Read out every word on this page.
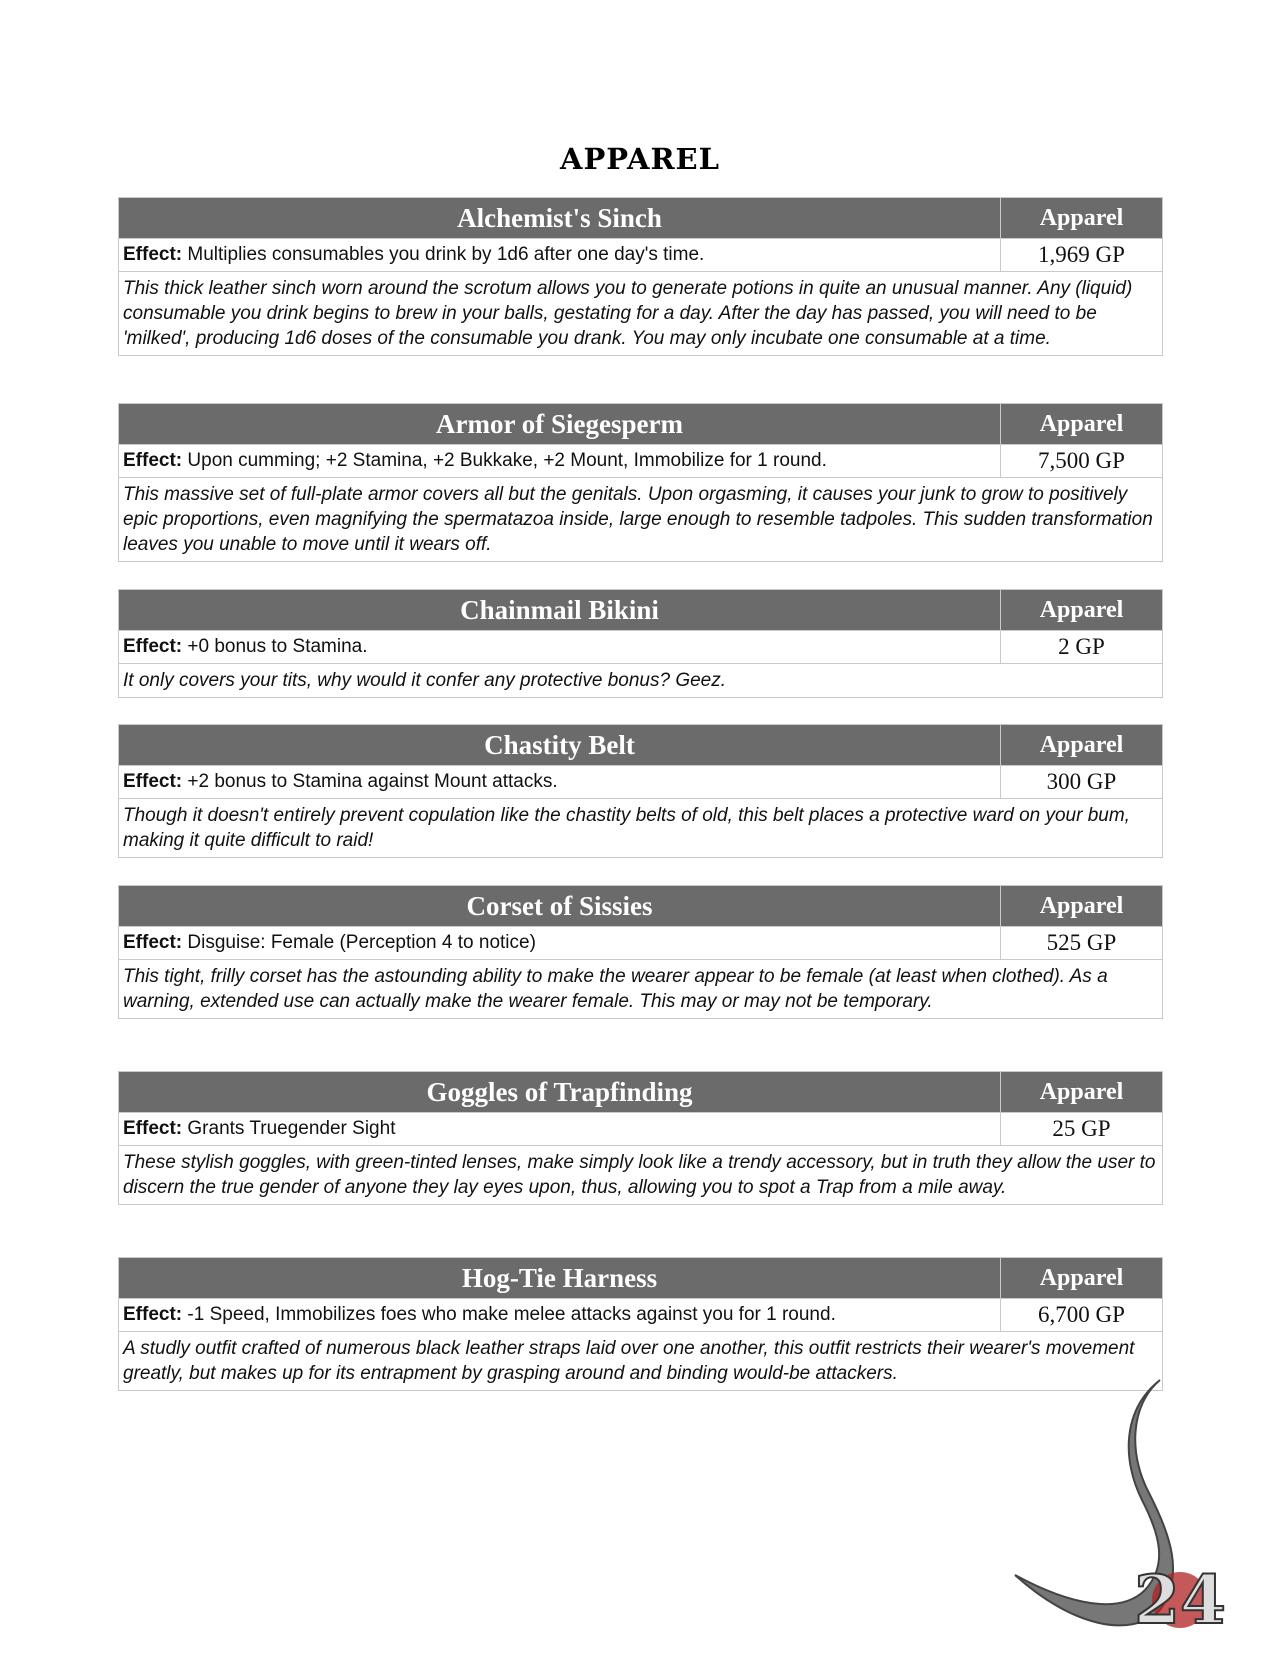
APPAREL
Alchemist's Sinch	Apparel
Effect: Multiplies consumables you drink by 1d6 after one day's time.	1,969 GP
This thick leather sinch worn around the scrotum allows you to generate potions in quite an unusual manner. Any (liquid) consumable you drink begins to brew in your balls, gestating for a day. After the day has passed, you will need to be 'milked', producing 1d6 doses of the consumable you drank. You may only incubate one consumable at a time.
Armor of Siegesperm	Apparel
Effect: Upon cumming; +2 Stamina, +2 Bukkake, +2 Mount, Immobilize for 1 round.	7,500 GP
This massive set of full-plate armor covers all but the genitals. Upon orgasming, it causes your junk to grow to positively epic proportions, even magnifying the spermatazoa inside, large enough to resemble tadpoles. This sudden transformation leaves you unable to move until it wears off.
Chainmail Bikini	Apparel
Effect: +0 bonus to Stamina.	2 GP
It only covers your tits, why would it confer any protective bonus? Geez.
Chastity Belt	Apparel
Effect: +2 bonus to Stamina against Mount attacks.	300 GP
Though it doesn't entirely prevent copulation like the chastity belts of old, this belt places a protective ward on your bum, making it quite difficult to raid!
Corset of Sissies	Apparel
Effect: Disguise: Female (Perception 4 to notice)	525 GP
This tight, frilly corset has the astounding ability to make the wearer appear to be female (at least when clothed). As a warning, extended use can actually make the wearer female. This may or may not be temporary.
Goggles of Trapfinding	Apparel
Effect: Grants Truegender Sight	25 GP
These stylish goggles, with green-tinted lenses, make simply look like a trendy accessory, but in truth they allow the user to discern the true gender of anyone they lay eyes upon, thus, allowing you to spot a Trap from a mile away.
Hog-Tie Harness	Apparel
Effect: -1 Speed, Immobilizes foes who make melee attacks against you for 1 round.	6,700 GP
A studly outfit crafted of numerous black leather straps laid over one another, this outfit restricts their wearer's movement greatly, but makes up for its entrapment by grasping around and binding would-be attackers.
24
